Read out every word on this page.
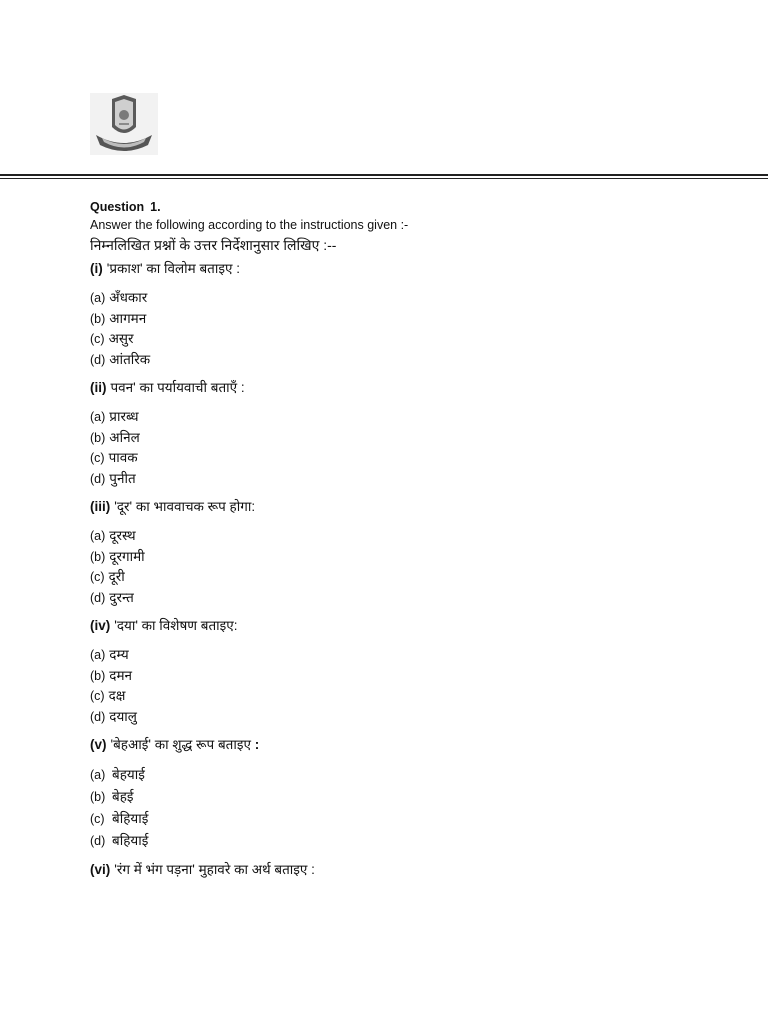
Question 1.
Answer the following according to the instructions given :-
निम्नलिखित प्रश्नों के उत्तर निर्देशानुसार लिखिए :--
(i) 'प्रकाश' का विलोम बताइए :
(a) अँधकार
(b) आगमन
(c) असुर
(d) आंतरिक
(ii) पवन' का पर्यायवाची बताएँ :
(a) प्रारब्ध
(b) अनिल
(c) पावक
(d) पुनीत
(iii) 'दूर' का भाववाचक रूप होगा:
(a) दूरस्थ
(b) दूरगामी
(c) दूरी
(d) दुरन्त
(iv) 'दया' का विशेषण बताइए:
(a) दम्य
(b) दमन
(c) दक्ष
(d) दयालु
(v) 'बेहआई' का शुद्ध रूप बताइए :
(a) बेहयाई
(b) बेहई
(c) बेहियाई
(d) बहियाई
(vi) 'रंग में भंग पड़ना' मुहावरे का अर्थ बताइए :
